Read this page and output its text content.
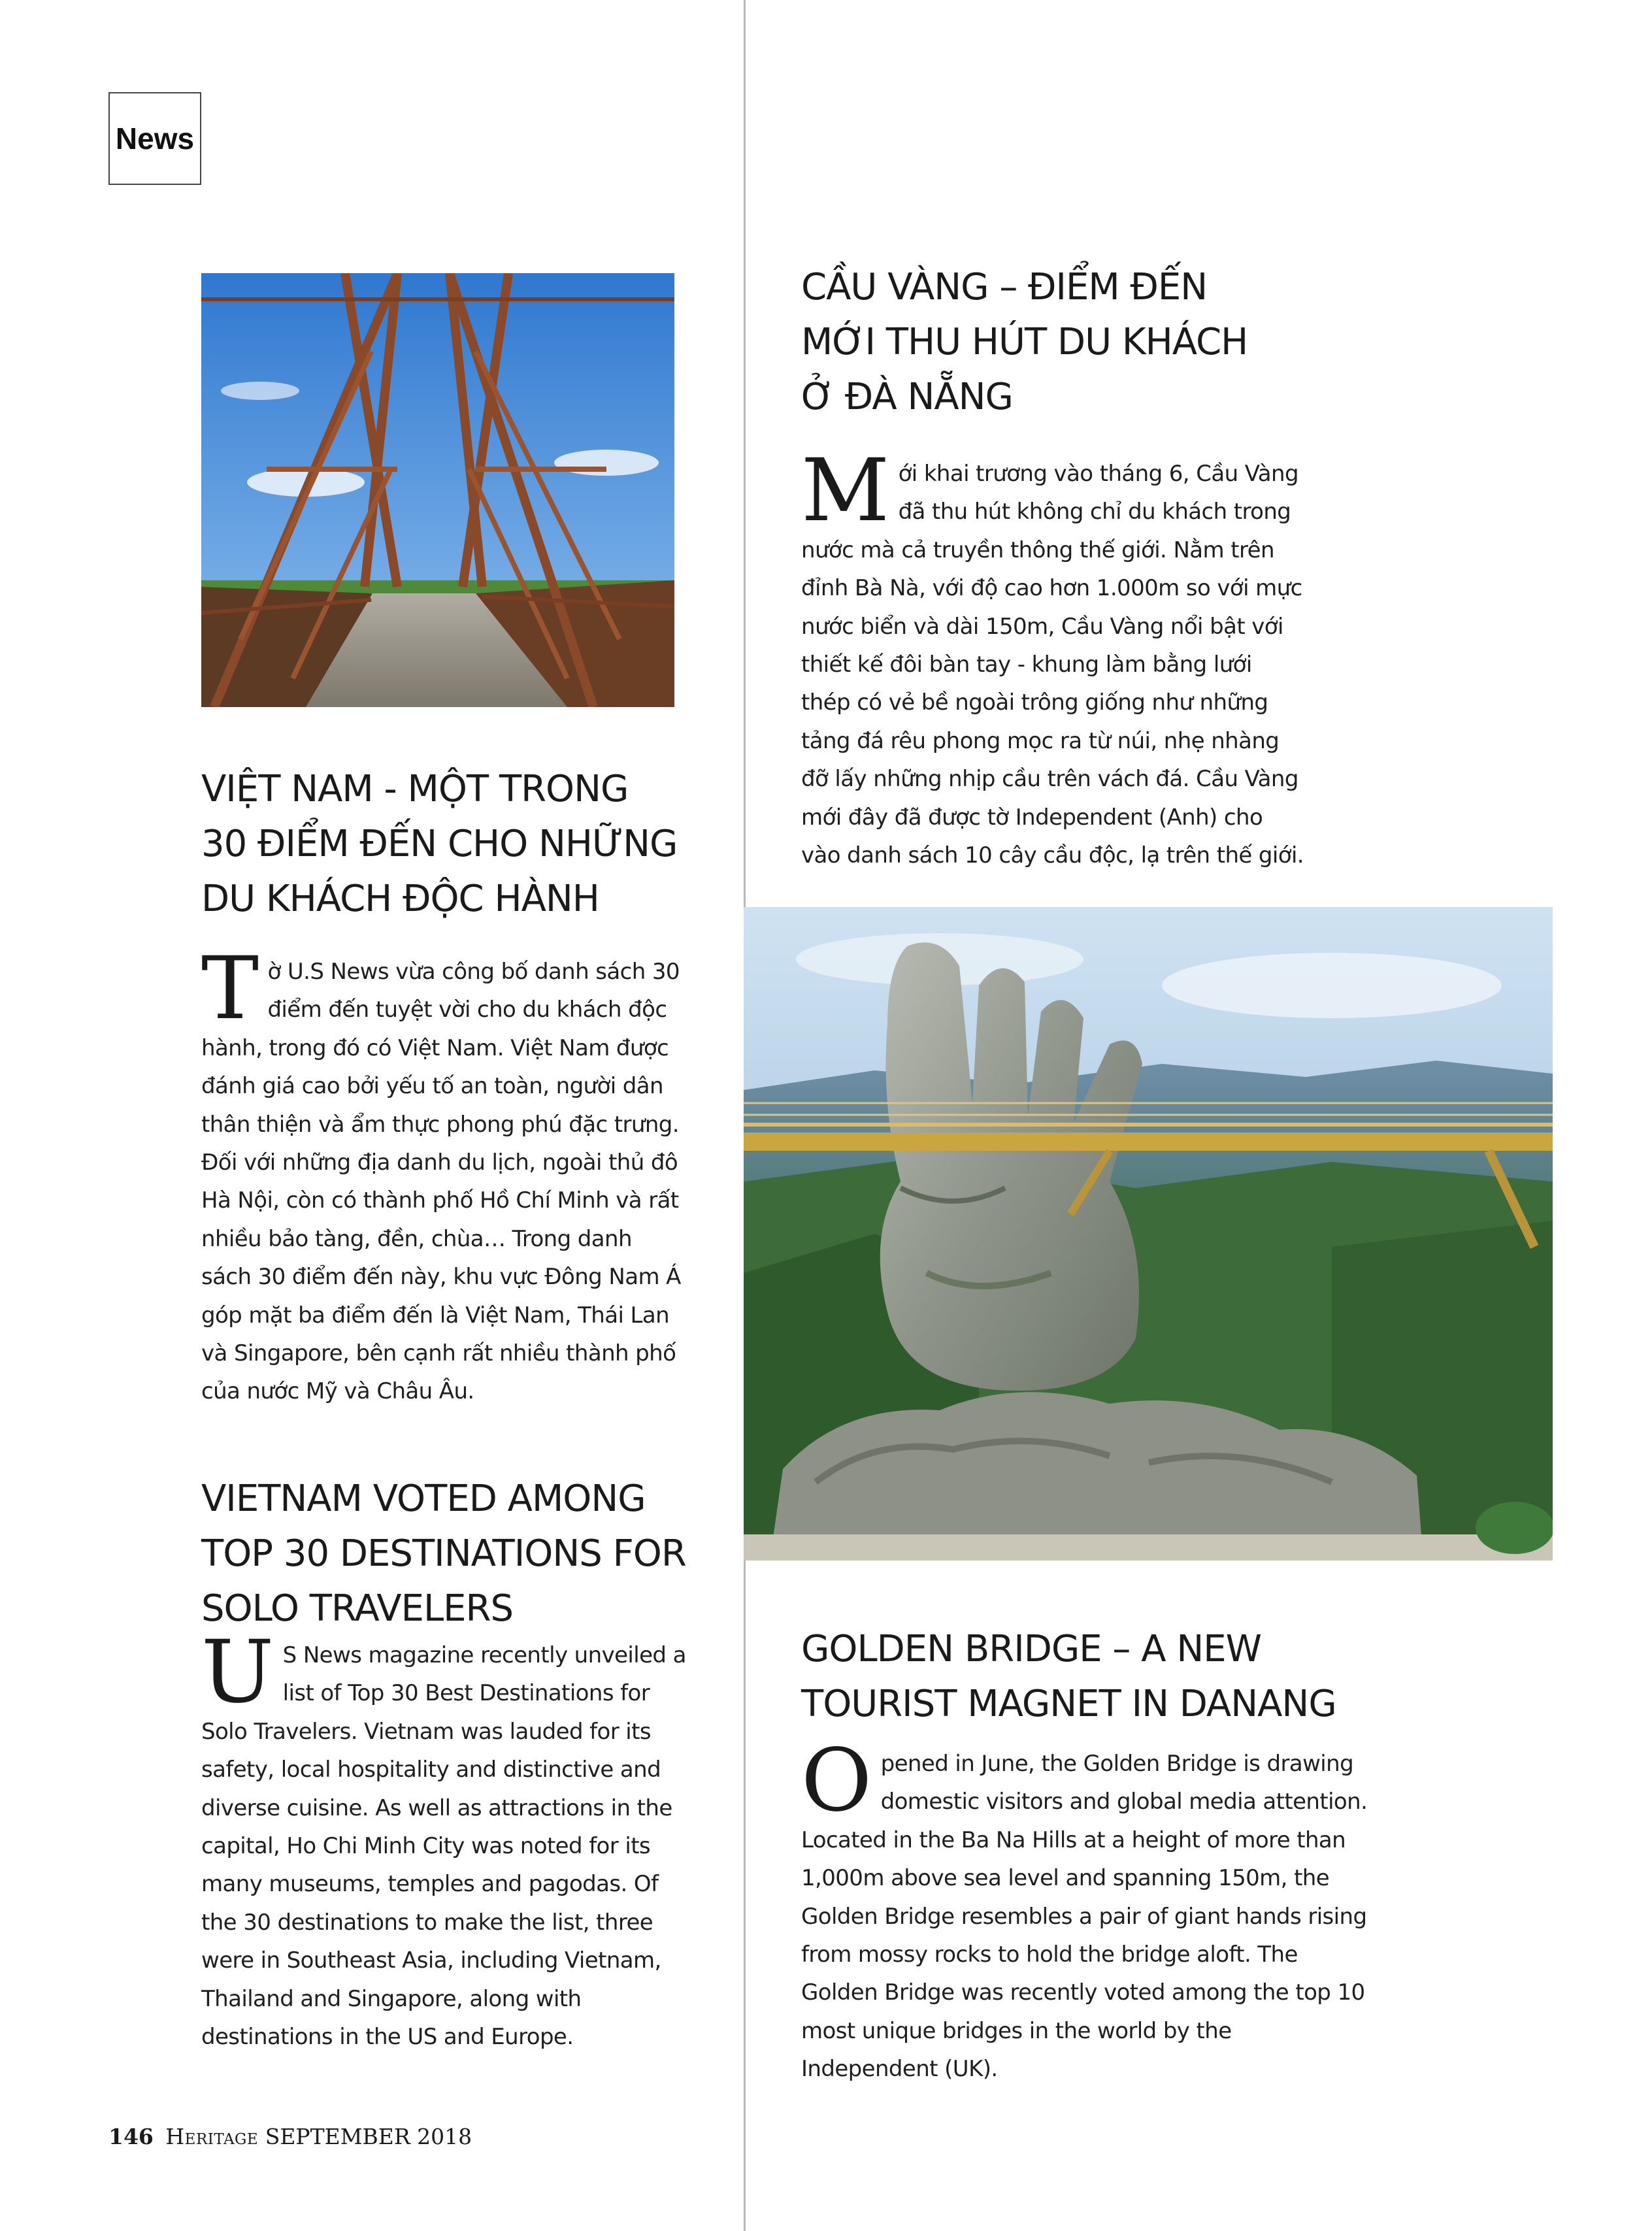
News
VIỆT NAM - MỘT TRONG
30 ĐIỂM ĐẾN CHO NHỮNG
DU KHÁCH ĐỘC HÀNH

Tờ U.S News vừa công bố danh sách 30 điểm đến tuyệt vời cho du khách độc hành, trong đó có Việt Nam. Việt Nam được đánh giá cao bởi yếu tố an toàn, người dân thân thiện và ẩm thực phong phú đặc trưng. Đối với những địa danh du lịch, ngoài thủ đô Hà Nội, còn có thành phố Hồ Chí Minh và rất nhiều bảo tàng, đền, chùa… Trong danh sách 30 điểm đến này, khu vực Đông Nam Á góp mặt ba điểm đến là Việt Nam, Thái Lan và Singapore, bên cạnh rất nhiều thành phố của nước Mỹ và Châu Âu.

VIETNAM VOTED AMONG
TOP 30 DESTINATIONS FOR
SOLO TRAVELERS

U S News magazine recently unveiled a list of Top 30 Best Destinations for Solo Travelers. Vietnam was lauded for its safety, local hospitality and distinctive and diverse cuisine. As well as attractions in the capital, Ho Chi Minh City was noted for its many museums, temples and pagodas. Of the 30 destinations to make the list, three were in Southeast Asia, including Vietnam, Thailand and Singapore, along with destinations in the US and Europe.

CẦU VÀNG – ĐIỂM ĐẾN
MỚI THU HÚT DU KHÁCH
Ở ĐÀ NẴNG

Mới khai trương vào tháng 6, Cầu Vàng đã thu hút không chỉ du khách trong nước mà cả truyền thông thế giới. Nằm trên đỉnh Bà Nà, với độ cao hơn 1.000m so với mực nước biển và dài 150m, Cầu Vàng nổi bật với thiết kế đôi bàn tay - khung làm bằng lưới thép có vẻ bề ngoài trông giống như những tảng đá rêu phong mọc ra từ núi, nhẹ nhàng đỡ lấy những nhịp cầu trên vách đá. Cầu Vàng mới đây đã được tờ Independent (Anh) cho vào danh sách 10 cây cầu độc, lạ trên thế giới.

GOLDEN BRIDGE – A NEW
TOURIST MAGNET IN DANANG

Opened in June, the Golden Bridge is drawing domestic visitors and global media attention. Located in the Ba Na Hills at a height of more than 1,000m above sea level and spanning 150m, the Golden Bridge resembles a pair of giant hands rising from mossy rocks to hold the bridge aloft. The Golden Bridge was recently voted among the top 10 most unique bridges in the world by the Independent (UK).

146 Heritage SEPTEMBER 2018
